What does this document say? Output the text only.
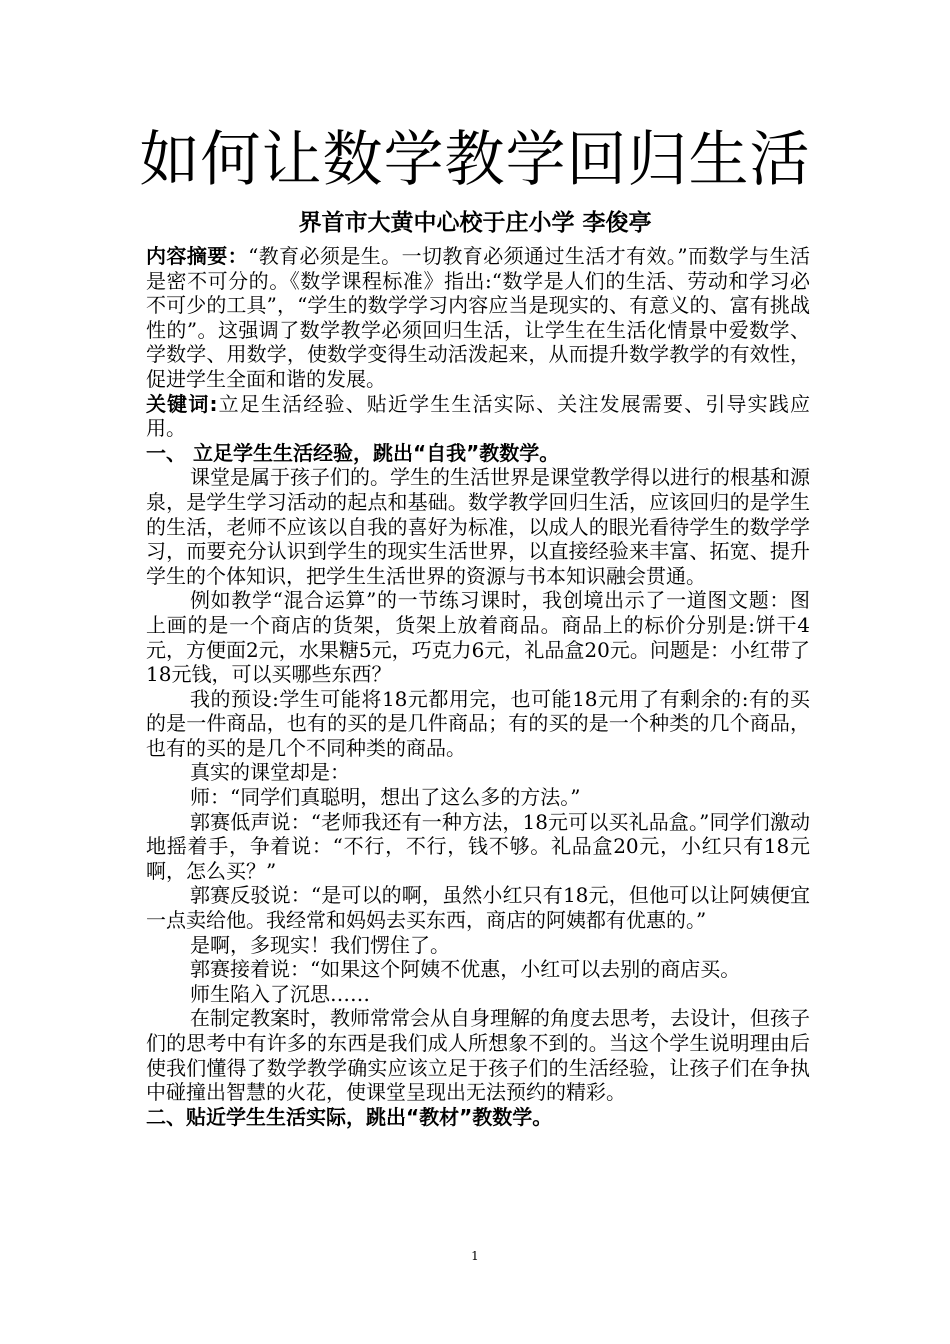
如何让数学教学回归生活
界首市大黄中心校于庄小学 李俊亭

内容摘要：“教育必须是生。一切教育必须通过生活才有效。”而数学与生活是密不可分的。《数学课程标准》指出:“数学是人们的生活、劳动和学习必不可少的工具”，“学生的数学学习内容应当是现实的、有意义的、富有挑战性的”。这强调了数学教学必须回归生活，让学生在生活化情景中爱数学、学数学、用数学，使数学变得生动活泼起来，从而提升数学教学的有效性，促进学生全面和谐的发展。

关键词:立足生活经验、贴近学生生活实际、关注发展需要、引导实践应用。

一、 立足学生生活经验，跳出“自我”教数学。

课堂是属于孩子们的。学生的生活世界是课堂教学得以进行的根基和源泉，是学生学习活动的起点和基础。数学教学回归生活，应该回归的是学生的生活，老师不应该以自我的喜好为标准，以成人的眼光看待学生的数学学习，而要充分认识到学生的现实生活世界，以直接经验来丰富、拓宽、提升学生的个体知识，把学生生活世界的资源与书本知识融会贯通。

例如教学“混合运算”的一节练习课时，我创境出示了一道图文题：图上画的是一个商店的货架，货架上放着商品。商品上的标价分别是:饼干4元，方便面2元，水果糖5元，巧克力6元，礼品盒20元。问题是：小红带了18元钱，可以买哪些东西？

我的预设:学生可能将18元都用完，也可能18元用了有剩余的:有的买的是一件商品，也有的买的是几件商品；有的买的是一个种类的几个商品，也有的买的是几个不同种类的商品。

真实的课堂却是：

师：“同学们真聪明，想出了这么多的方法。”

郭赛低声说：“老师我还有一种方法，18元可以买礼品盒。”同学们激动地摇着手，争着说：“不行，不行，钱不够。礼品盒20元，小红只有18元啊，怎么买？”

郭赛反驳说：“是可以的啊，虽然小红只有18元，但他可以让阿姨便宜一点卖给他。我经常和妈妈去买东西，商店的阿姨都有优惠的。”

是啊，多现实！我们愣住了。

郭赛接着说：“如果这个阿姨不优惠，小红可以去别的商店买。

师生陷入了沉思……

在制定教案时，教师常常会从自身理解的角度去思考，去设计，但孩子们的思考中有许多的东西是我们成人所想象不到的。当这个学生说明理由后使我们懂得了数学教学确实应该立足于孩子们的生活经验，让孩子们在争执中碰撞出智慧的火花，使课堂呈现出无法预约的精彩。

二、贴近学生生活实际，跳出“教材”教数学。

1
